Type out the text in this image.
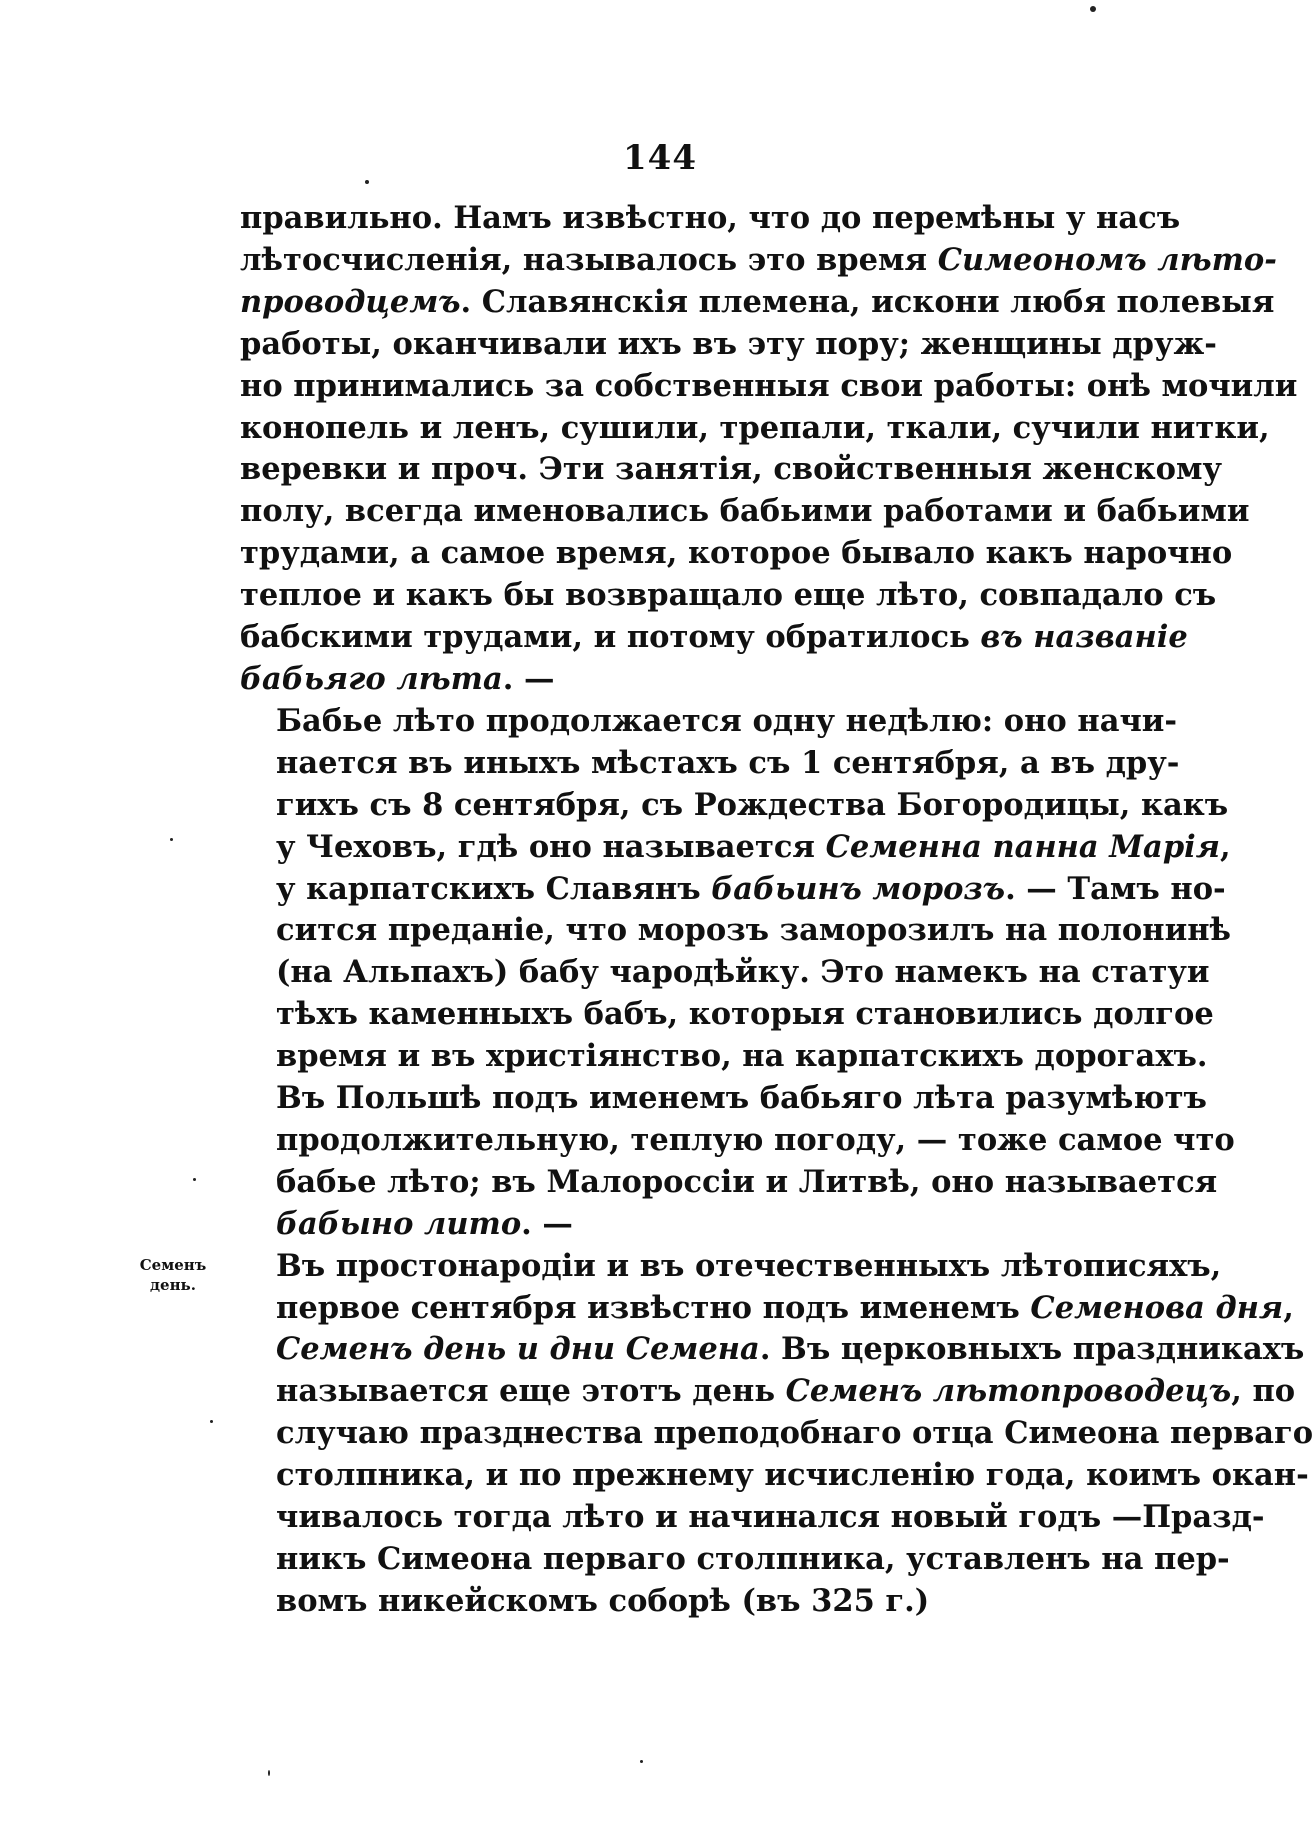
144
Семенъ
день.

правильно. Намъ извѣстно, что до перемѣны у насъ
лѣтосчисленія, называлось это время Симеономъ лѣто-
проводцемъ. Славянскія племена, искони любя полевыя
работы, оканчивали ихъ въ эту пору; женщины друж-
но принимались за собственныя свои работы: онѣ мочили
конопель и ленъ, сушили, трепали, ткали, сучили нитки,
веревки и проч. Эти занятія, свойственныя женскому
полу, всегда именовались бабьими работами и бабьими
трудами, а самое время, которое бывало какъ нарочно
теплое и какъ бы возвращало еще лѣто, совпадало съ
бабскими трудами, и потому обратилось въ названіе
бабьяго лѣта. —

Бабье лѣто продолжается одну недѣлю: оно начи-
нается въ иныхъ мѣстахъ съ 1 сентября, а въ дру-
гихъ съ 8 сентября, съ Рождества Богородицы, какъ
у Чеховъ, гдѣ оно называется Семенна панна Марія,
у карпатскихъ Славянъ бабьинъ морозъ. — Тамъ но-
сится преданіе, что морозъ заморозилъ на полонинѣ
(на Альпахъ) бабу чародѣйку. Это намекъ на статуи
тѣхъ каменныхъ бабъ, которыя становились долгое
время и въ христіянство, на карпатскихъ дорогахъ.

Въ Польшѣ подъ именемъ бабьяго лѣта разумѣютъ
продолжительную, теплую погоду, — тоже самое что
бабье лѣто; въ Малороссіи и Литвѣ, оно называется
бабыно лито. —

Въ простонародіи и въ отечественныхъ лѣтописяхъ,
первое сентября извѣстно подъ именемъ Семенова дня,
Семенъ день и дни Семена. Въ церковныхъ праздникахъ
называется еще этотъ день Семенъ лѣтопроводецъ, по
случаю празднества преподобнаго отца Симеона перваго
столпника, и по прежнему исчисленію года, коимъ окан-
чивалось тогда лѣто и начинался новый годъ —Празд-
никъ Симеона перваго столпника, уставленъ на пер-
вомъ никейскомъ соборѣ (въ 325 г.)
